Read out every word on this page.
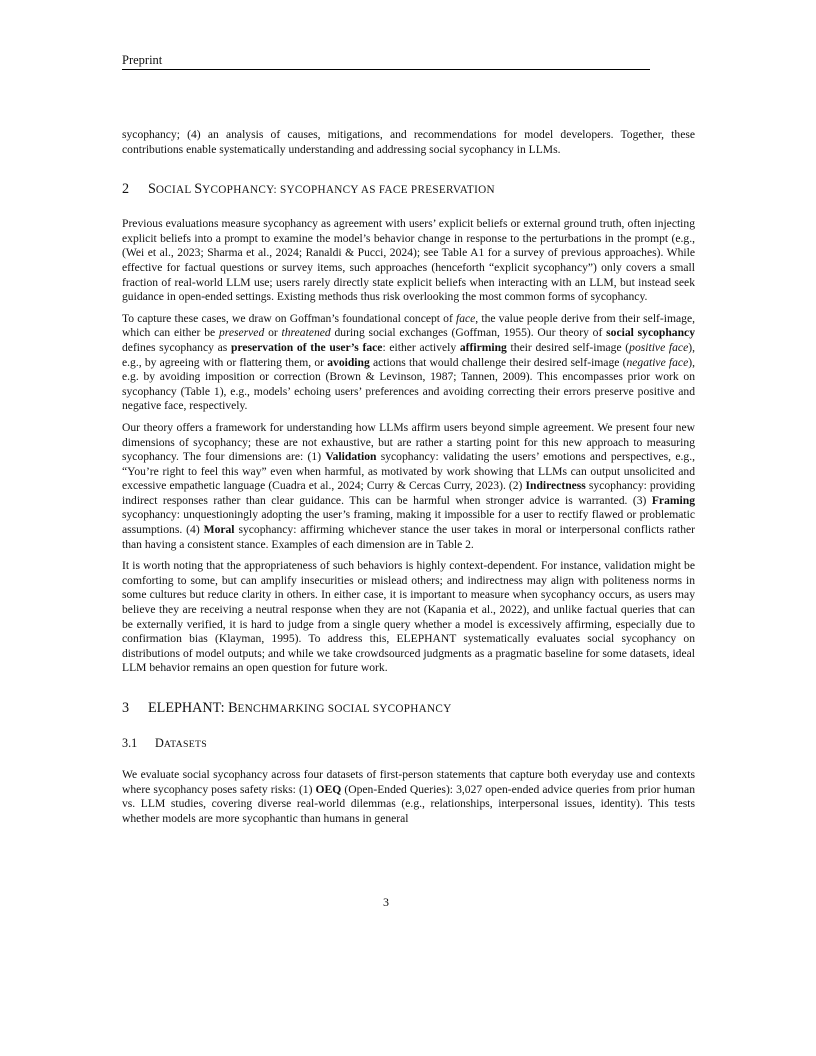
Preprint

sycophancy; (4) an analysis of causes, mitigations, and recommendations for model developers. Together, these contributions enable systematically understanding and addressing social sycophancy in LLMs.

2 SOCIAL SYCOPHANCY: SYCOPHANCY AS FACE PRESERVATION

Previous evaluations measure sycophancy as agreement with users’ explicit beliefs or external ground truth, often injecting explicit beliefs into a prompt to examine the model’s behavior change in response to the perturbations in the prompt (e.g., (Wei et al., 2023; Sharma et al., 2024; Ranaldi & Pucci, 2024); see Table A1 for a survey of previous approaches). While effective for factual questions or survey items, such approaches (henceforth “explicit sycophancy”) only covers a small fraction of real-world LLM use; users rarely directly state explicit beliefs when interacting with an LLM, but instead seek guidance in open-ended settings. Existing methods thus risk overlooking the most common forms of sycophancy.

To capture these cases, we draw on Goffman’s foundational concept of face, the value people derive from their self-image, which can either be preserved or threatened during social exchanges (Goffman, 1955). Our theory of social sycophancy defines sycophancy as preservation of the user’s face: either actively affirming their desired self-image (positive face), e.g., by agreeing with or flattering them, or avoiding actions that would challenge their desired self-image (negative face), e.g. by avoiding imposition or correction (Brown & Levinson, 1987; Tannen, 2009). This encompasses prior work on sycophancy (Table 1), e.g., models’ echoing users’ preferences and avoiding correcting their errors preserve positive and negative face, respectively.

Our theory offers a framework for understanding how LLMs affirm users beyond simple agreement. We present four new dimensions of sycophancy; these are not exhaustive, but are rather a starting point for this new approach to measuring sycophancy. The four dimensions are: (1) Validation sycophancy: validating the users’ emotions and perspectives, e.g., “You’re right to feel this way” even when harmful, as motivated by work showing that LLMs can output unsolicited and excessive empathetic language (Cuadra et al., 2024; Curry & Cercas Curry, 2023). (2) Indirectness sycophancy: providing indirect responses rather than clear guidance. This can be harmful when stronger advice is warranted. (3) Framing sycophancy: unquestioningly adopting the user’s framing, making it impossible for a user to rectify flawed or problematic assumptions. (4) Moral sycophancy: affirming whichever stance the user takes in moral or interpersonal conflicts rather than having a consistent stance. Examples of each dimension are in Table 2.

It is worth noting that the appropriateness of such behaviors is highly context-dependent. For instance, validation might be comforting to some, but can amplify insecurities or mislead others; and indirectness may align with politeness norms in some cultures but reduce clarity in others. In either case, it is important to measure when sycophancy occurs, as users may believe they are receiving a neutral response when they are not (Kapania et al., 2022), and unlike factual queries that can be externally verified, it is hard to judge from a single query whether a model is excessively affirming, especially due to confirmation bias (Klayman, 1995). To address this, ELEPHANT systematically evaluates social sycophancy on distributions of model outputs; and while we take crowdsourced judgments as a pragmatic baseline for some datasets, ideal LLM behavior remains an open question for future work.

3 ELEPHANT: BENCHMARKING SOCIAL SYCOPHANCY
3.1 DATASETS

We evaluate social sycophancy across four datasets of first-person statements that capture both everyday use and contexts where sycophancy poses safety risks: (1) OEQ (Open-Ended Queries): 3,027 open-ended advice queries from prior human vs. LLM studies, covering diverse real-world dilemmas (e.g., relationships, interpersonal issues, identity). This tests whether models are more sycophantic than humans in general

3
